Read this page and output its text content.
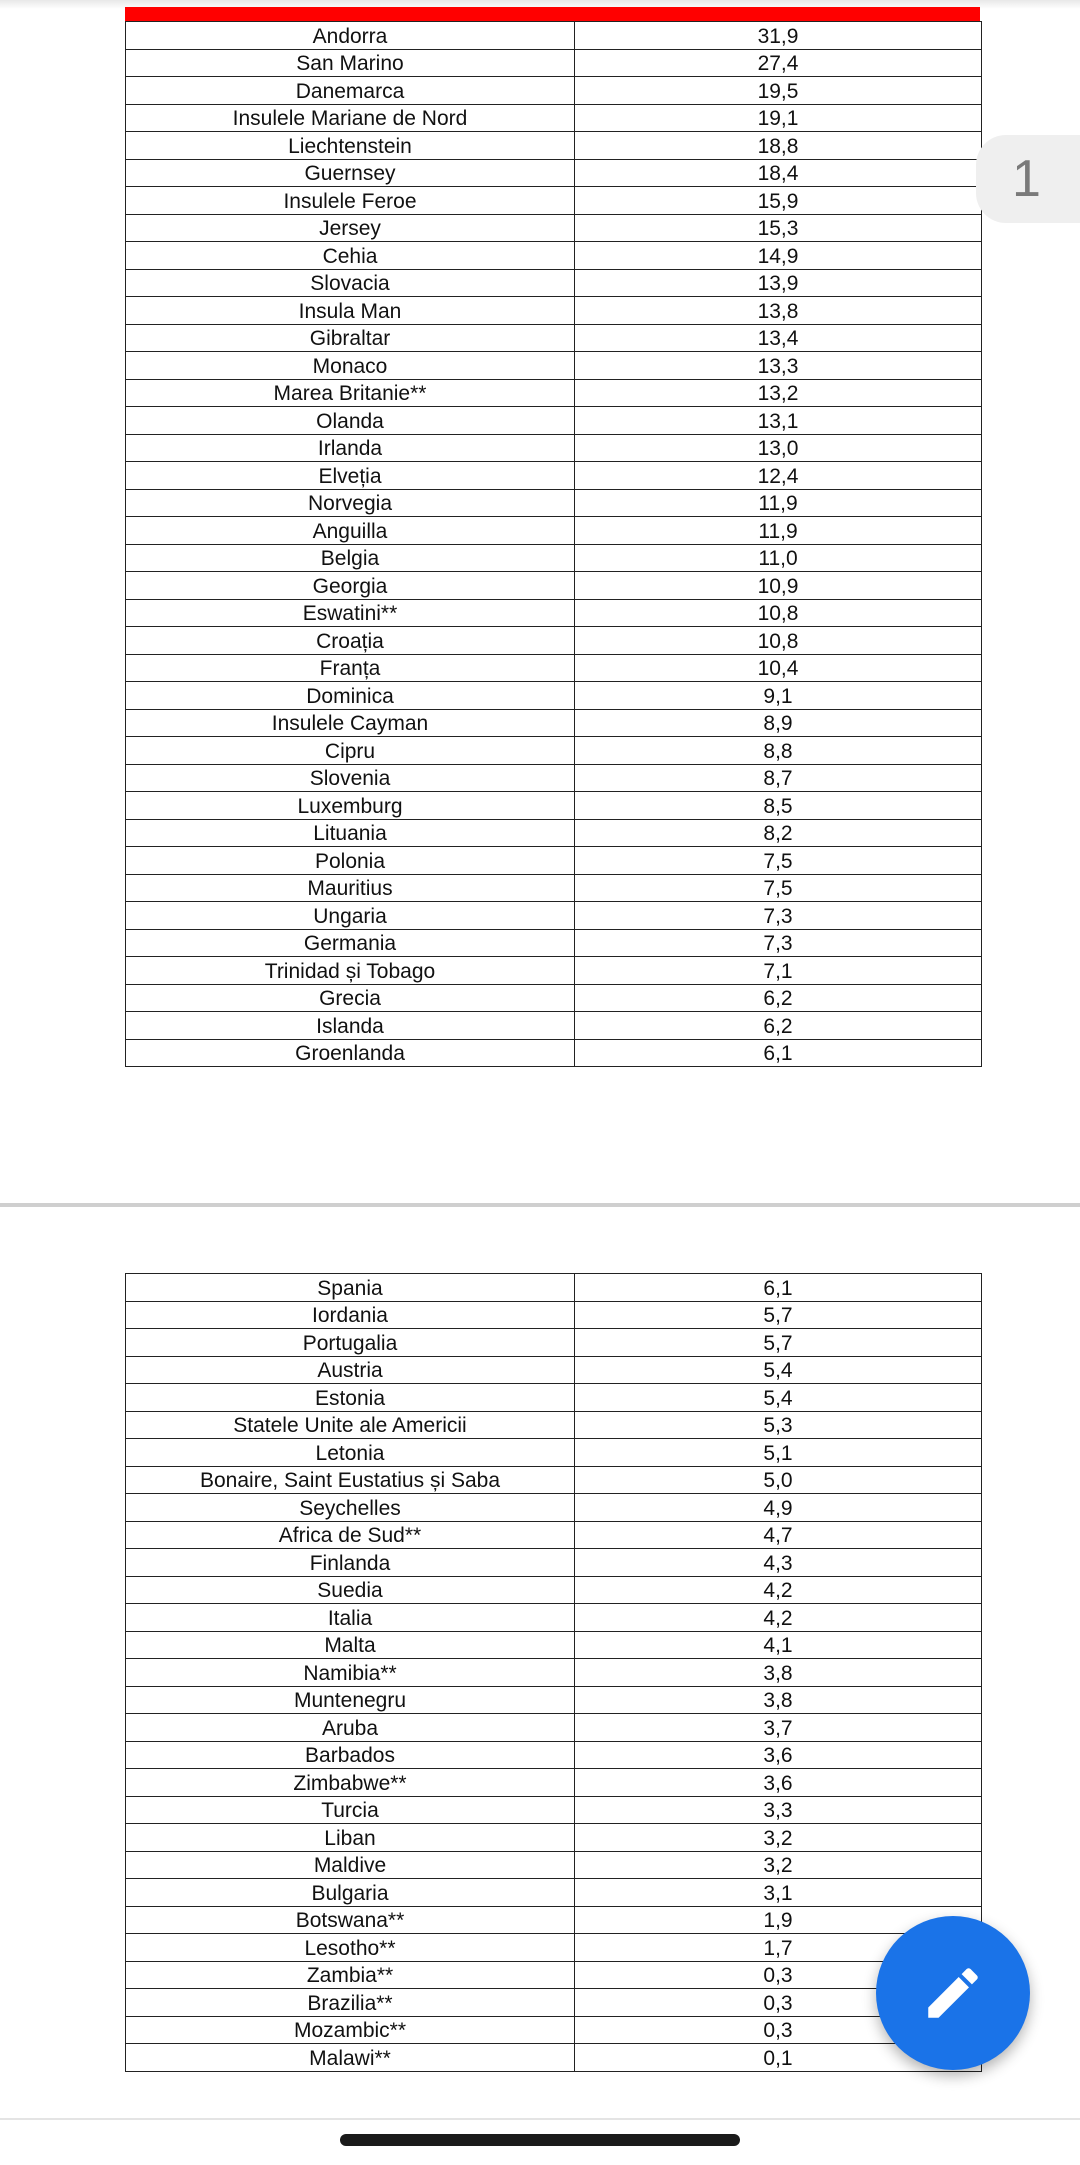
Andorra	31,9
San Marino	27,4
Danemarca	19,5
Insulele Mariane de Nord	19,1
Liechtenstein	18,8
Guernsey	18,4
Insulele Feroe	15,9
Jersey	15,3
Cehia	14,9
Slovacia	13,9
Insula Man	13,8
Gibraltar	13,4
Monaco	13,3
Marea Britanie**	13,2
Olanda	13,1
Irlanda	13,0
Elveția	12,4
Norvegia	11,9
Anguilla	11,9
Belgia	11,0
Georgia	10,9
Eswatini**	10,8
Croația	10,8
Franța	10,4
Dominica	9,1
Insulele Cayman	8,9
Cipru	8,8
Slovenia	8,7
Luxemburg	8,5
Lituania	8,2
Polonia	7,5
Mauritius	7,5
Ungaria	7,3
Germania	7,3
Trinidad și Tobago	7,1
Grecia	6,2
Islanda	6,2
Groenlanda	6,1
Spania	6,1
Iordania	5,7
Portugalia	5,7
Austria	5,4
Estonia	5,4
Statele Unite ale Americii	5,3
Letonia	5,1
Bonaire, Saint Eustatius și Saba	5,0
Seychelles	4,9
Africa de Sud**	4,7
Finlanda	4,3
Suedia	4,2
Italia	4,2
Malta	4,1
Namibia**	3,8
Muntenegru	3,8
Aruba	3,7
Barbados	3,6
Zimbabwe**	3,6
Turcia	3,3
Liban	3,2
Maldive	3,2
Bulgaria	3,1
Botswana**	1,9
Lesotho**	1,7
Zambia**	0,3
Brazilia**	0,3
Mozambic**	0,3
Malawi**	0,1
1
